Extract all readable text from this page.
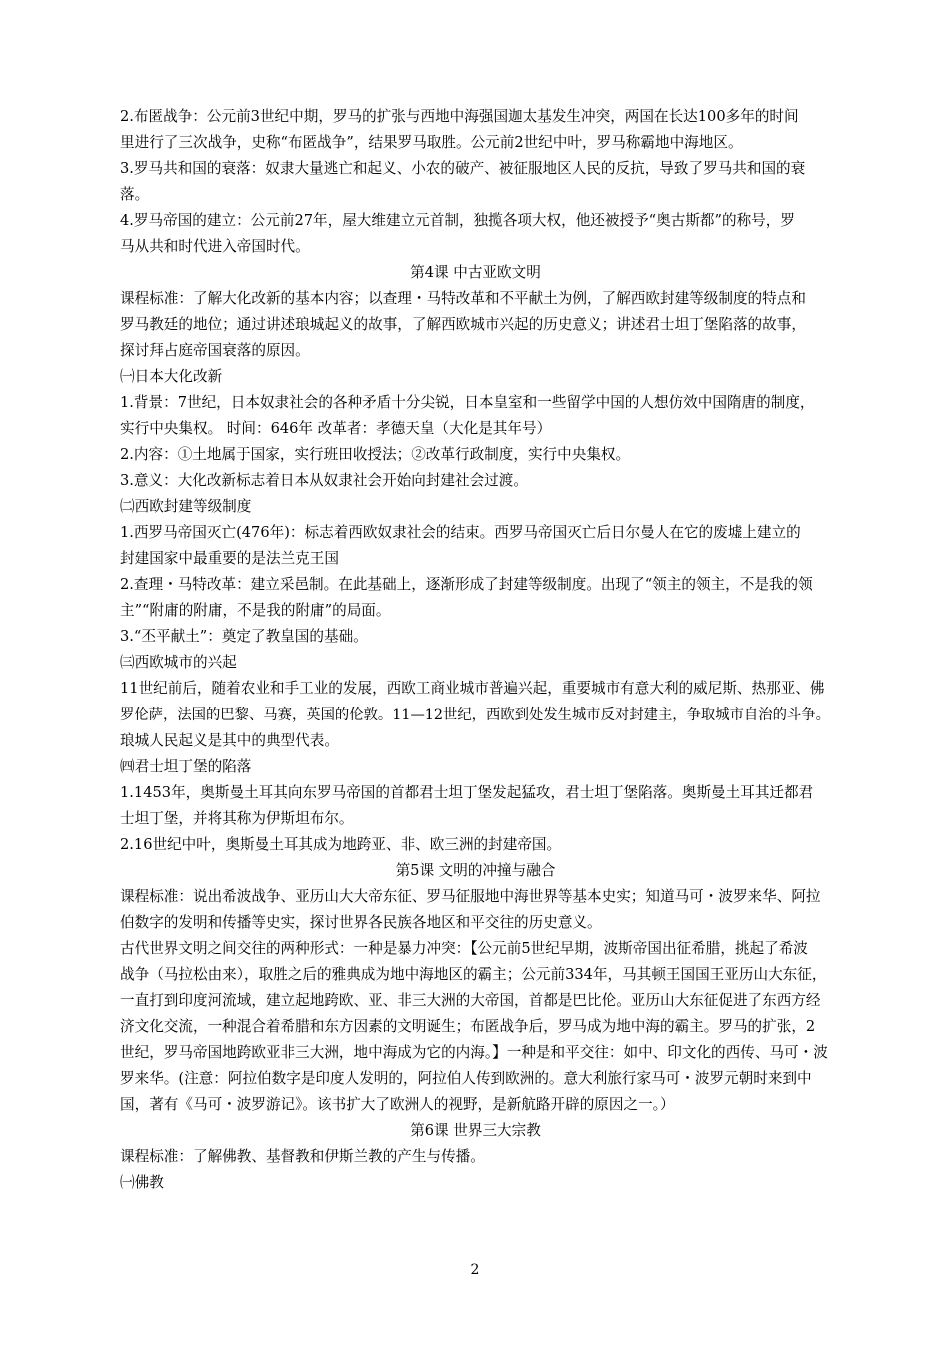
2.布匿战争：公元前3世纪中期，罗马的扩张与西地中海强国迦太基发生冲突，两国在长达100多年的时间
里进行了三次战争，史称“布匿战争”，结果罗马取胜。公元前2世纪中叶，罗马称霸地中海地区。
3.罗马共和国的衰落：奴隶大量逃亡和起义、小农的破产、被征服地区人民的反抗，导致了罗马共和国的衰
落。
4.罗马帝国的建立：公元前27年，屋大维建立元首制，独揽各项大权，他还被授予“奥古斯都”的称号，罗
马从共和时代进入帝国时代。
第4课 中古亚欧文明
课程标准：了解大化改新的基本内容；以查理・马特改革和不平献土为例，了解西欧封建等级制度的特点和
罗马教廷的地位；通过讲述琅城起义的故事，了解西欧城市兴起的历史意义；讲述君士坦丁堡陷落的故事，
探讨拜占庭帝国衰落的原因。
㈠日本大化改新
1.背景：7世纪，日本奴隶社会的各种矛盾十分尖锐，日本皇室和一些留学中国的人想仿效中国隋唐的制度，
实行中央集权。 时间：646年 改革者：孝德天皇（大化是其年号）
2.内容：①土地属于国家，实行班田收授法；②改革行政制度，实行中央集权。
3.意义：大化改新标志着日本从奴隶社会开始向封建社会过渡。
㈡西欧封建等级制度
1.西罗马帝国灭亡(476年)：标志着西欧奴隶社会的结束。西罗马帝国灭亡后日尔曼人在它的废墟上建立的
封建国家中最重要的是法兰克王国
2.查理・马特改革：建立采邑制。在此基础上，逐渐形成了封建等级制度。出现了“领主的领主，不是我的领
主”“附庸的附庸，不是我的附庸”的局面。
3.“丕平献土”：奠定了教皇国的基础。
㈢西欧城市的兴起
11世纪前后，随着农业和手工业的发展，西欧工商业城市普遍兴起，重要城市有意大利的威尼斯、热那亚、佛
罗伦萨，法国的巴黎、马赛，英国的伦敦。11—12世纪，西欧到处发生城市反对封建主，争取城市自治的斗争。
琅城人民起义是其中的典型代表。
㈣君士坦丁堡的陷落
1.1453年，奥斯曼土耳其向东罗马帝国的首都君士坦丁堡发起猛攻，君士坦丁堡陷落。奥斯曼土耳其迁都君
士坦丁堡，并将其称为伊斯坦布尔。
2.16世纪中叶，奥斯曼土耳其成为地跨亚、非、欧三洲的封建帝国。
第5课 文明的冲撞与融合
课程标准：说出希波战争、亚历山大大帝东征、罗马征服地中海世界等基本史实；知道马可・波罗来华、阿拉
伯数字的发明和传播等史实，探讨世界各民族各地区和平交往的历史意义。
古代世界文明之间交往的两种形式：一种是暴力冲突：【公元前5世纪早期，波斯帝国出征希腊，挑起了希波
战争（马拉松由来），取胜之后的雅典成为地中海地区的霸主；公元前334年，马其顿王国国王亚历山大东征，
一直打到印度河流域，建立起地跨欧、亚、非三大洲的大帝国，首都是巴比伦。亚历山大东征促进了东西方经
济文化交流，一种混合着希腊和东方因素的文明诞生；布匿战争后，罗马成为地中海的霸主。罗马的扩张，2
世纪，罗马帝国地跨欧亚非三大洲，地中海成为它的内海。】一种是和平交往：如中、印文化的西传、马可・波
罗来华。(注意：阿拉伯数字是印度人发明的，阿拉伯人传到欧洲的。意大利旅行家马可・波罗元朝时来到中
国，著有《马可・波罗游记》。该书扩大了欧洲人的视野，是新航路开辟的原因之一。）
第6课 世界三大宗教
课程标准：了解佛教、基督教和伊斯兰教的产生与传播。
㈠佛教
2
